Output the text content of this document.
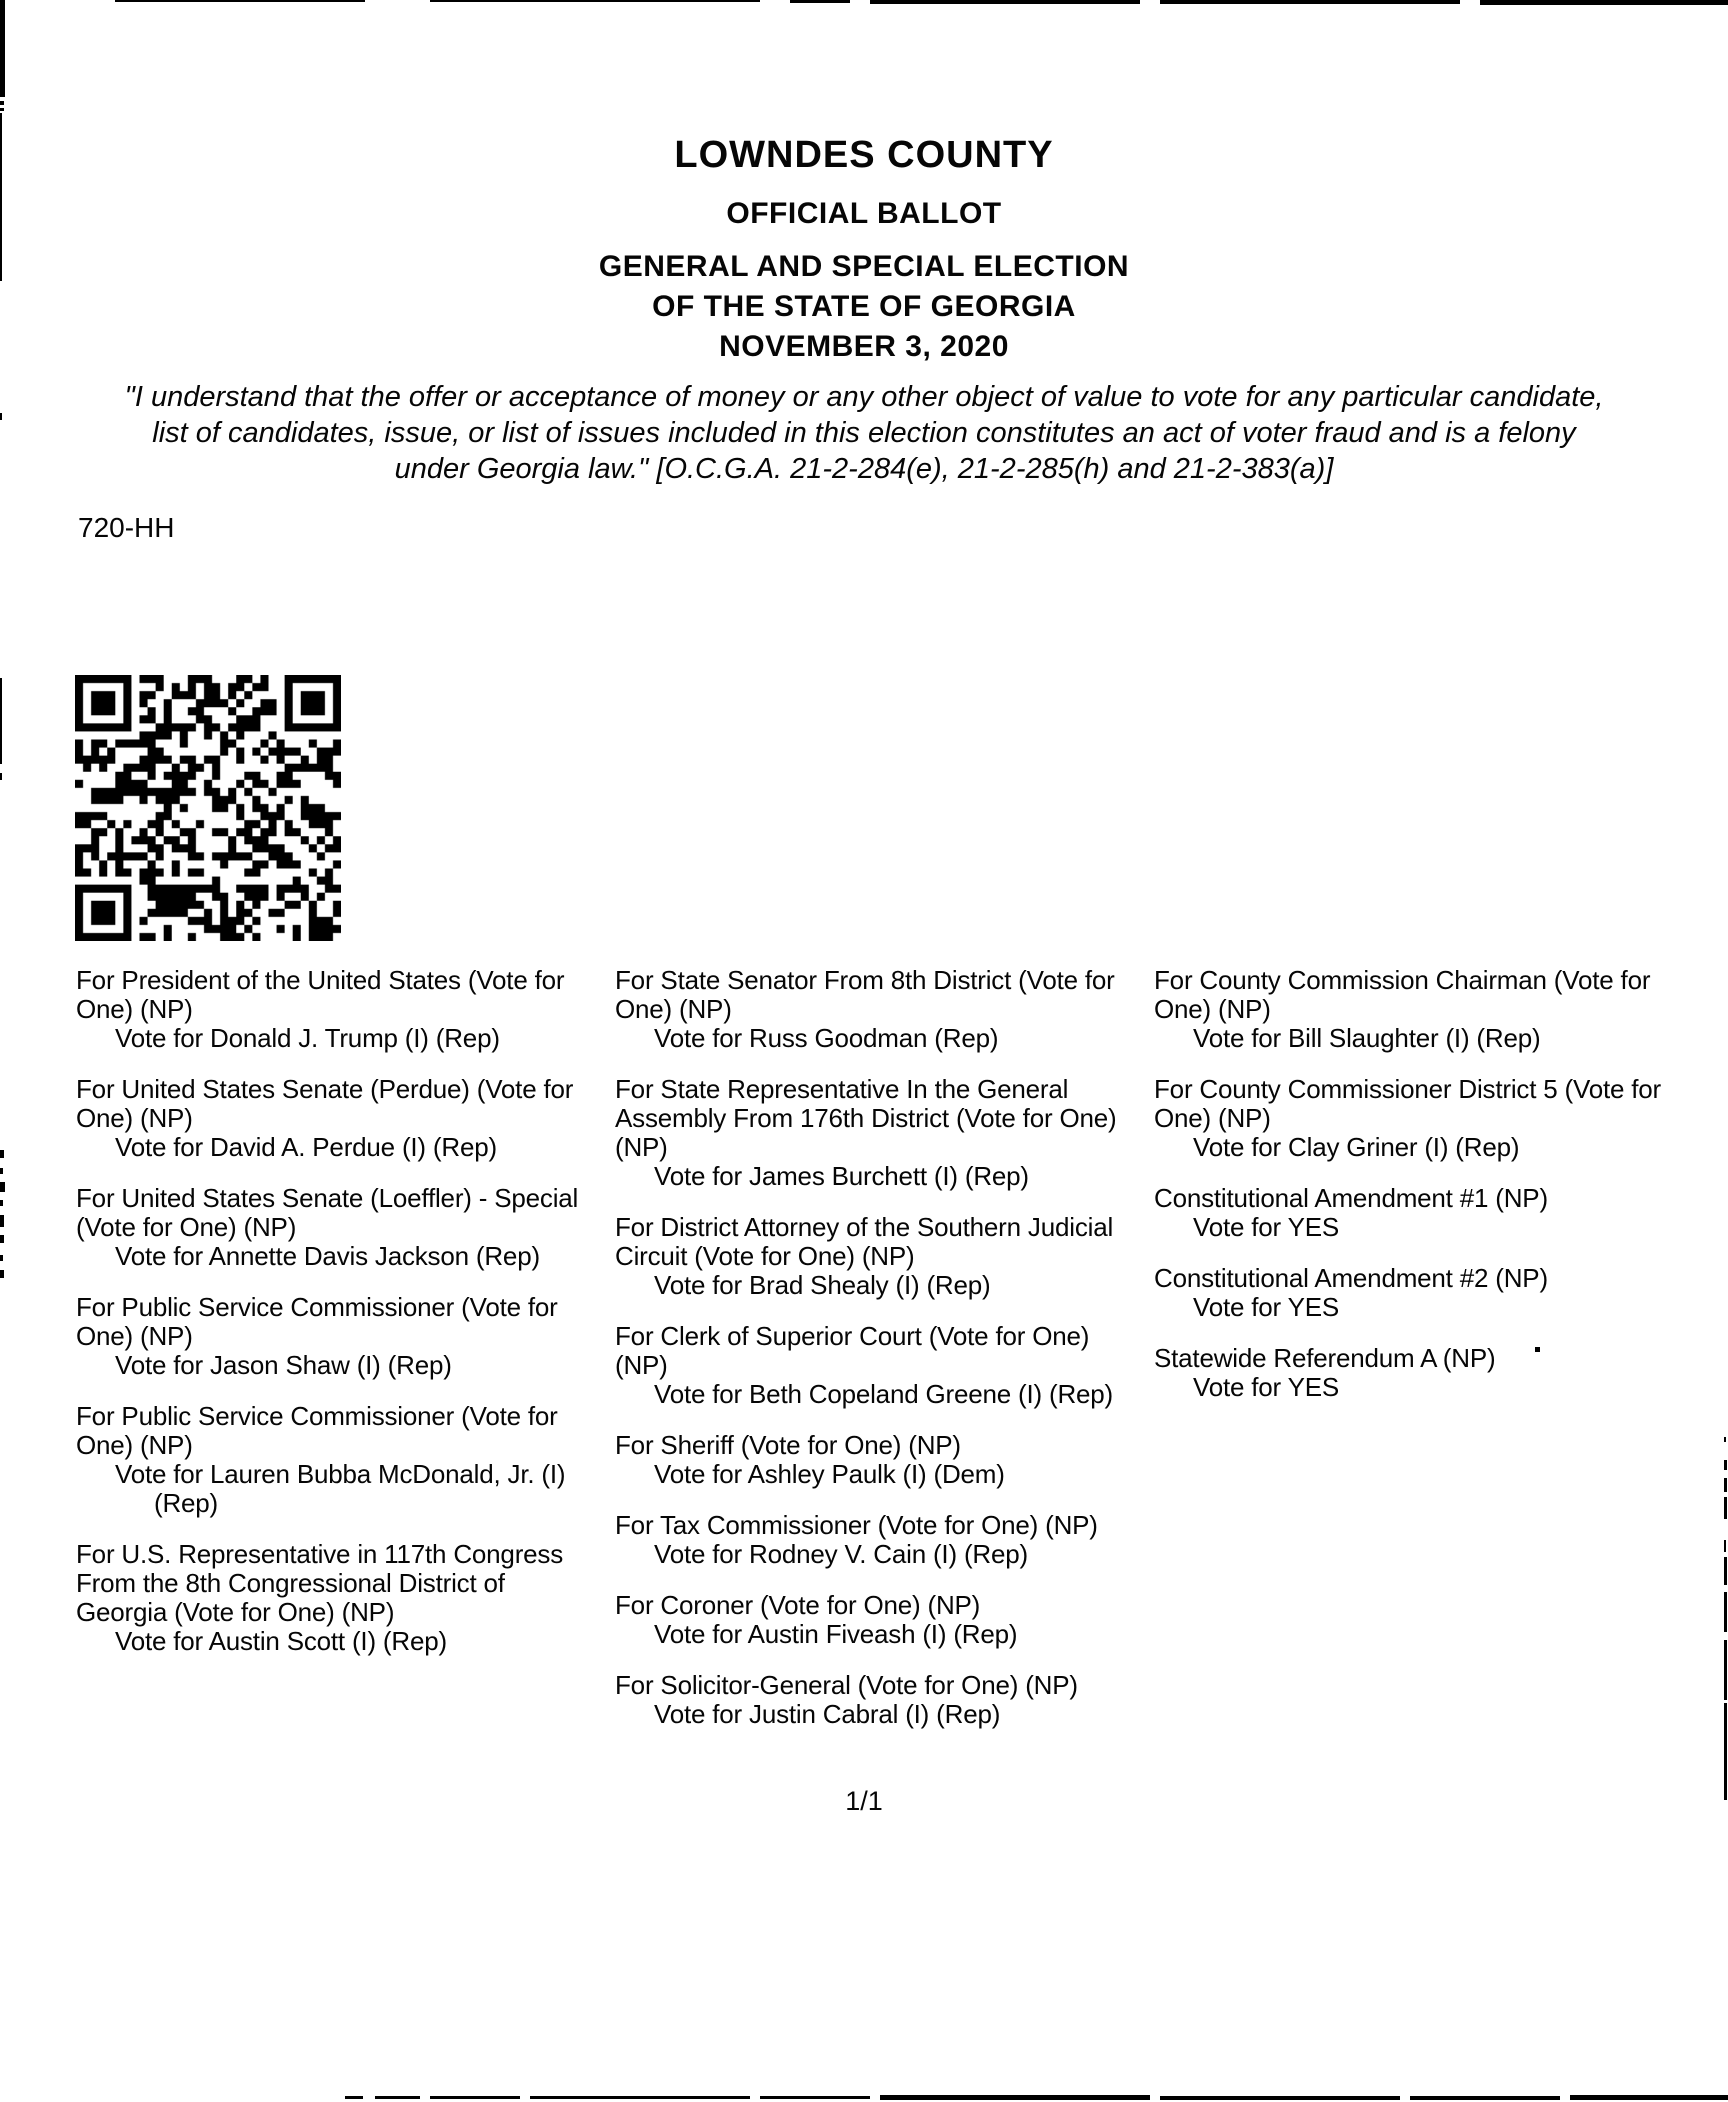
LOWNDES COUNTY
OFFICIAL BALLOT
GENERAL AND SPECIAL ELECTION
OF THE STATE OF GEORGIA
NOVEMBER 3, 2020
"I understand that the offer or acceptance of money or any other object of value to vote for any particular candidate,
list of candidates, issue, or list of issues included in this election constitutes an act of voter fraud and is a felony
under Georgia law." [O.C.G.A. 21-2-284(e), 21-2-285(h) and 21-2-383(a)]
720-HH
For President of the United States (Vote for One) (NP)
Vote for Donald J. Trump (I) (Rep)
For United States Senate (Perdue) (Vote for One) (NP)
Vote for David A. Perdue (I) (Rep)
For United States Senate (Loeffler) - Special (Vote for One) (NP)
Vote for Annette Davis Jackson (Rep)
For Public Service Commissioner (Vote for One) (NP)
Vote for Jason Shaw (I) (Rep)
For Public Service Commissioner (Vote for One) (NP)
Vote for Lauren Bubba McDonald, Jr. (I) (Rep)
For U.S. Representative in 117th Congress From the 8th Congressional District of Georgia (Vote for One) (NP)
Vote for Austin Scott (I) (Rep)
For State Senator From 8th District (Vote for One) (NP)
Vote for Russ Goodman (Rep)
For State Representative In the General Assembly From 176th District (Vote for One) (NP)
Vote for James Burchett (I) (Rep)
For District Attorney of the Southern Judicial Circuit (Vote for One) (NP)
Vote for Brad Shealy (I) (Rep)
For Clerk of Superior Court (Vote for One) (NP)
Vote for Beth Copeland Greene (I) (Rep)
For Sheriff (Vote for One) (NP)
Vote for Ashley Paulk (I) (Dem)
For Tax Commissioner (Vote for One) (NP)
Vote for Rodney V. Cain (I) (Rep)
For Coroner (Vote for One) (NP)
Vote for Austin Fiveash (I) (Rep)
For Solicitor-General (Vote for One) (NP)
Vote for Justin Cabral (I) (Rep)
For County Commission Chairman (Vote for One) (NP)
Vote for Bill Slaughter (I) (Rep)
For County Commissioner District 5 (Vote for One) (NP)
Vote for Clay Griner (I) (Rep)
Constitutional Amendment #1 (NP)
Vote for YES
Constitutional Amendment #2 (NP)
Vote for YES
Statewide Referendum A (NP)
Vote for YES
1/1
